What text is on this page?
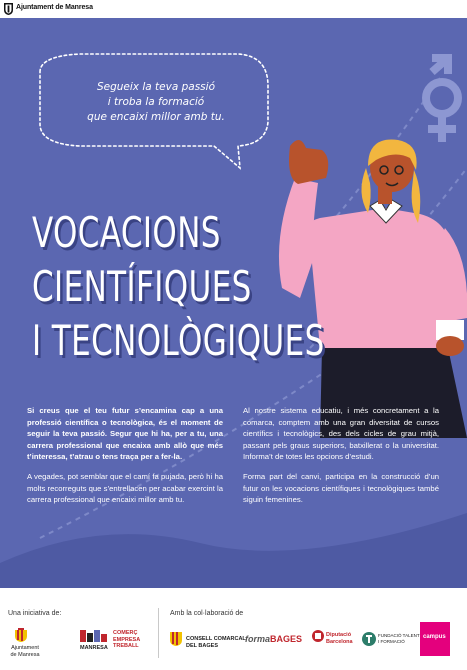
Ajuntament de Manresa
Segueix la teva passió
i troba la formació
que encaixi millor amb tu.
VOCACIONS
CIENTÍFIQUES
I TECNOLÒGIQUES

Si creus que el teu futur s’encamina cap a una professió científica o tecnològica, és el moment de seguir la teva passió. Segur que hi ha, per a tu, una carrera professional que encaixa amb allò que més t’interessa, t’atrau o tens traça per a fer-la.

A vegades, pot semblar que el camí fa pujada, però hi ha molts recorreguts que s’entrellacen per acabar exercint la carrera professional que encaixi millor amb tu.

Al nostre sistema educatiu, i més concretament a la comarca, comptem amb una gran diversitat de cursos científics i tecnològics, des dels cicles de grau mitjà, passant pels graus superiors, batxillerat o la universitat. Informa’t de totes les opcions d’estudi.

Forma part del canvi, participa en la construcció d’un futur on les vocacions científiques i tecnològiques també siguin femenines.

Una iniciativa de:	Amb la col·laboració de
Ajuntament
de Manresa
MANRESA
COMERÇ
EMPRESA
TREBALL
CONSELL COMARCAL
DEL BAGES
formaBAGES	Diputació
Barcelona
FUNDACIÓ TALENT
I FORMACIÓ
campus
